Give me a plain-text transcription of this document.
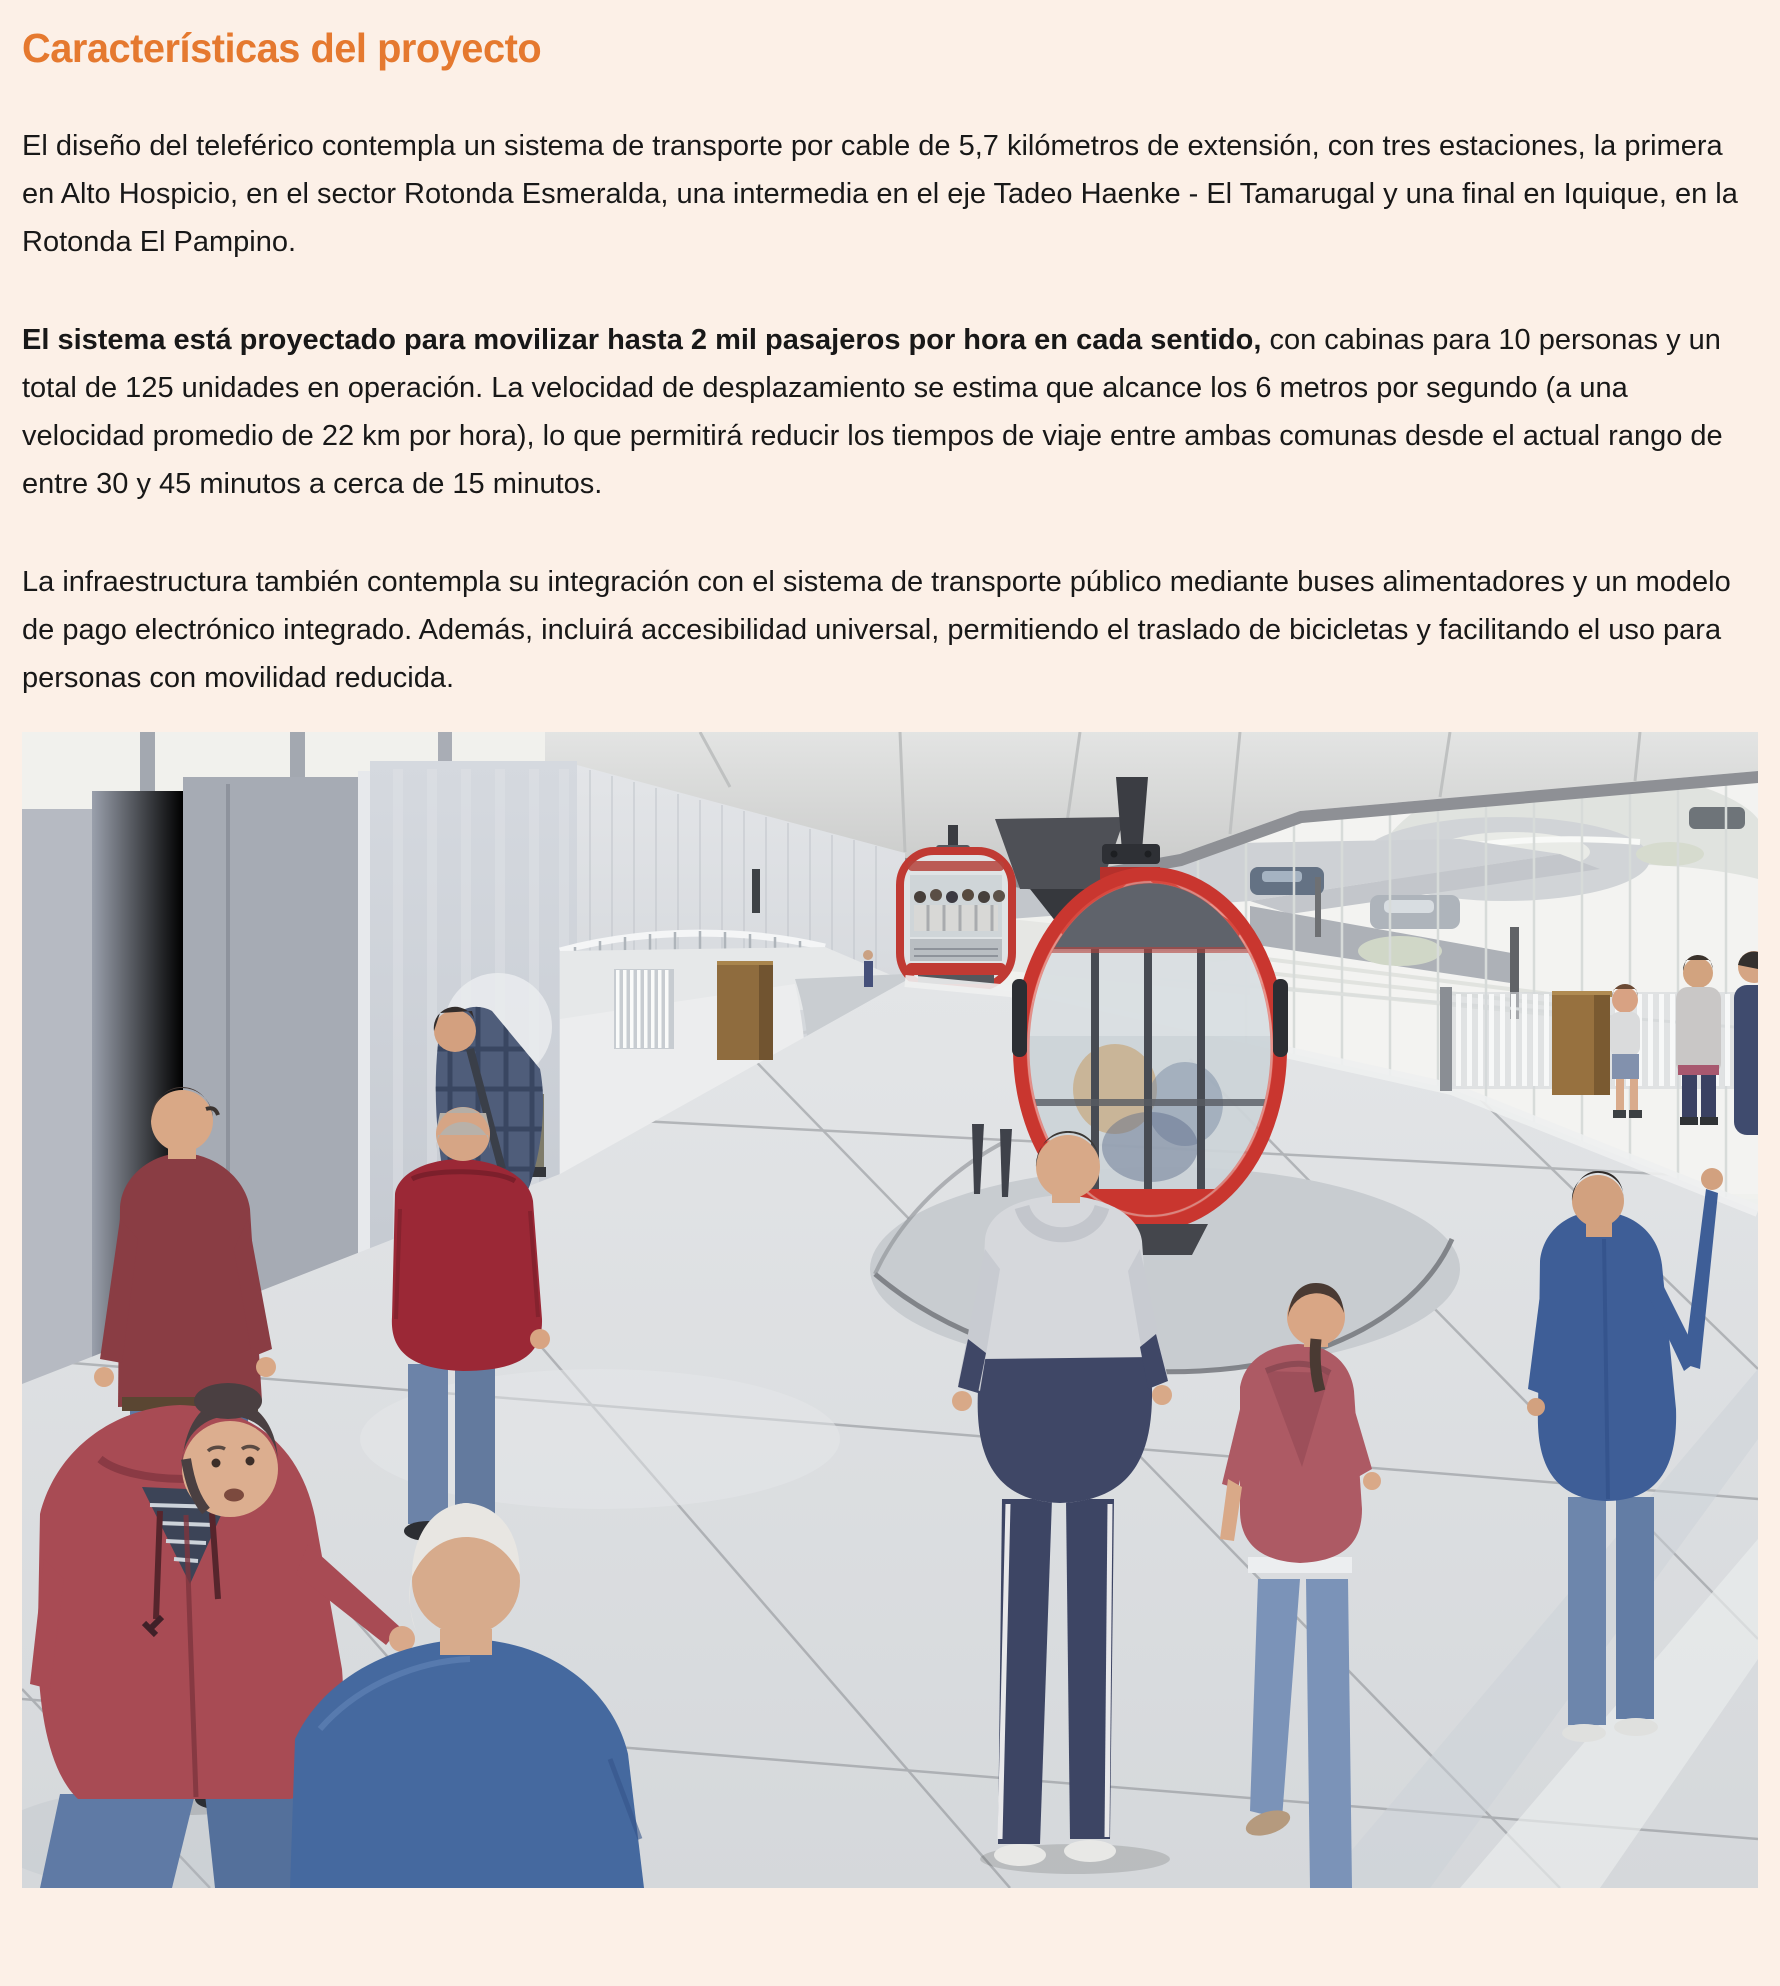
Características del proyecto

El diseño del teleférico contempla un sistema de transporte por cable de 5,7 kilómetros de extensión, con tres estaciones, la primera en Alto Hospicio, en el sector Rotonda Esmeralda, una intermedia en el eje Tadeo Haenke - El Tamarugal y una final en Iquique, en la Rotonda El Pampino.

El sistema está proyectado para movilizar hasta 2 mil pasajeros por hora en cada sentido, con cabinas para 10 personas y un total de 125 unidades en operación. La velocidad de desplazamiento se estima que alcance los 6 metros por segundo (a una velocidad promedio de 22 km por hora), lo que permitirá reducir los tiempos de viaje entre ambas comunas desde el actual rango de entre 30 y 45 minutos a cerca de 15 minutos.

La infraestructura también contempla su integración con el sistema de transporte público mediante buses alimentadores y un modelo de pago electrónico integrado. Además, incluirá accesibilidad universal, permitiendo el traslado de bicicletas y facilitando el uso para personas con movilidad reducida.
